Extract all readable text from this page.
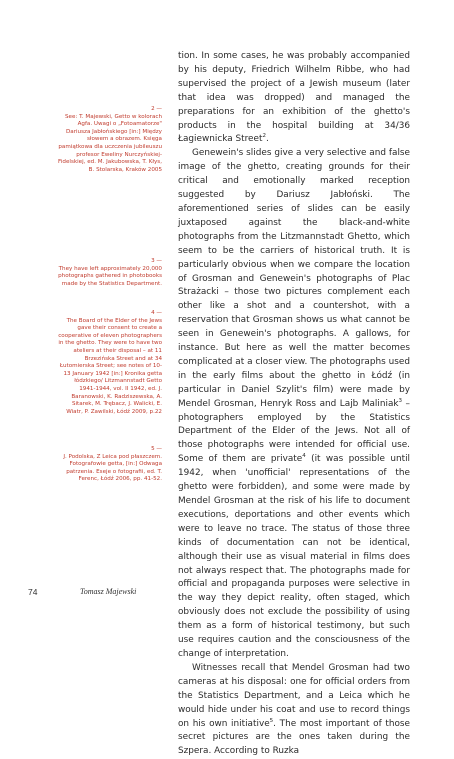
2 —
See: T. Majewski, Getto w kolorach Agfa. Uwagi o „Fotoamatorze" Dariusza Jabłońskiego [in:] Między słowem a obrazem. Księga pamiątkowa dla uczczenia jubileuszu profesor Eweliny Nurczyńskiej-Fidelskiej, ed. M. Jakubowska, T. Kłys, B. Stolarska, Kraków 2005
3 —
They have left approximately 20,000 photographs gathered in photobooks made by the Statistics Department.
4 —
The Board of the Elder of the Jews gave their consent to create a cooperative of eleven photographers in the ghetto. They were to have two ateliers at their disposal – at 11 Brzezińska Street and at 34 Łutomierska Street; see notes of 10-13 January 1942 [in:] Kronika getta łódzkiego/ Litzmannstadt Getto 1941-1944, vol. II 1942, ed. J. Baranowski, K. Radziszewska, A. Sitarek, M. Trębacz, J. Walicki, E. Wiatr, P. Zawilski, Łódź 2009, p.22
5 —
J. Podolska, Z Leica pod płaszczem. Fotografowie getta, [in:] Odwaga patrzenia. Eseje o fotografii, ed. T. Ferenc, Łódź 2006, pp. 41-52.

tion. In some cases, he was probably accompanied by his deputy, Friedrich Wilhelm Ribbe, who had supervised the project of a Jewish museum (later that idea was dropped) and managed the preparations for an exhibition of the ghetto's products in the hospital building at 34/36 Łagiewnicka Street$^2$.

Genewein's slides give a very selective and false image of the ghetto, creating grounds for their critical and emotionally marked reception suggested by Dariusz Jabłoński. The aforementioned series of slides can be easily juxtaposed against the black-and-white photographs from the Litzmannstadt Ghetto, which seem to be the carriers of historical truth. It is particularly obvious when we compare the location of Grosman and Genewein's photographs of Plac Strażacki – those two pictures complement each other like a shot and a countershot, with a reservation that Grosman shows us what cannot be seen in Genewein's photographs. A gallows, for instance. But here as well the matter becomes complicated at a closer view. The photographs used in the early films about the ghetto in Łódź (in particular in Daniel Szylit's film) were made by Mendel Grosman, Henryk Ross and Lajb Maliniak$^3$ – photographers employed by the Statistics Department of the Elder of the Jews. Not all of those photographs were intended for official use. Some of them are private$^4$ (it was possible until 1942, when 'unofficial' representations of the ghetto were forbidden), and some were made by Mendel Grosman at the risk of his life to document executions, deportations and other events which were to leave no trace. The status of those three kinds of documentation can not be identical, although their use as visual material in films does not always respect that. The photographs made for official and propaganda purposes were selective in the way they depict reality, often staged, which obviously does not exclude the possibility of using them as a form of historical testimony, but such use requires caution and the consciousness of the change of interpretation.

Witnesses recall that Mendel Grosman had two cameras at his disposal: one for official orders from the Statistics Department, and a Leica which he would hide under his coat and use to record things on his own initiative$^5$. The most important of those secret pictures are the ones taken during the Szpera. According to Ruzka

74	Tomasz Majewski
